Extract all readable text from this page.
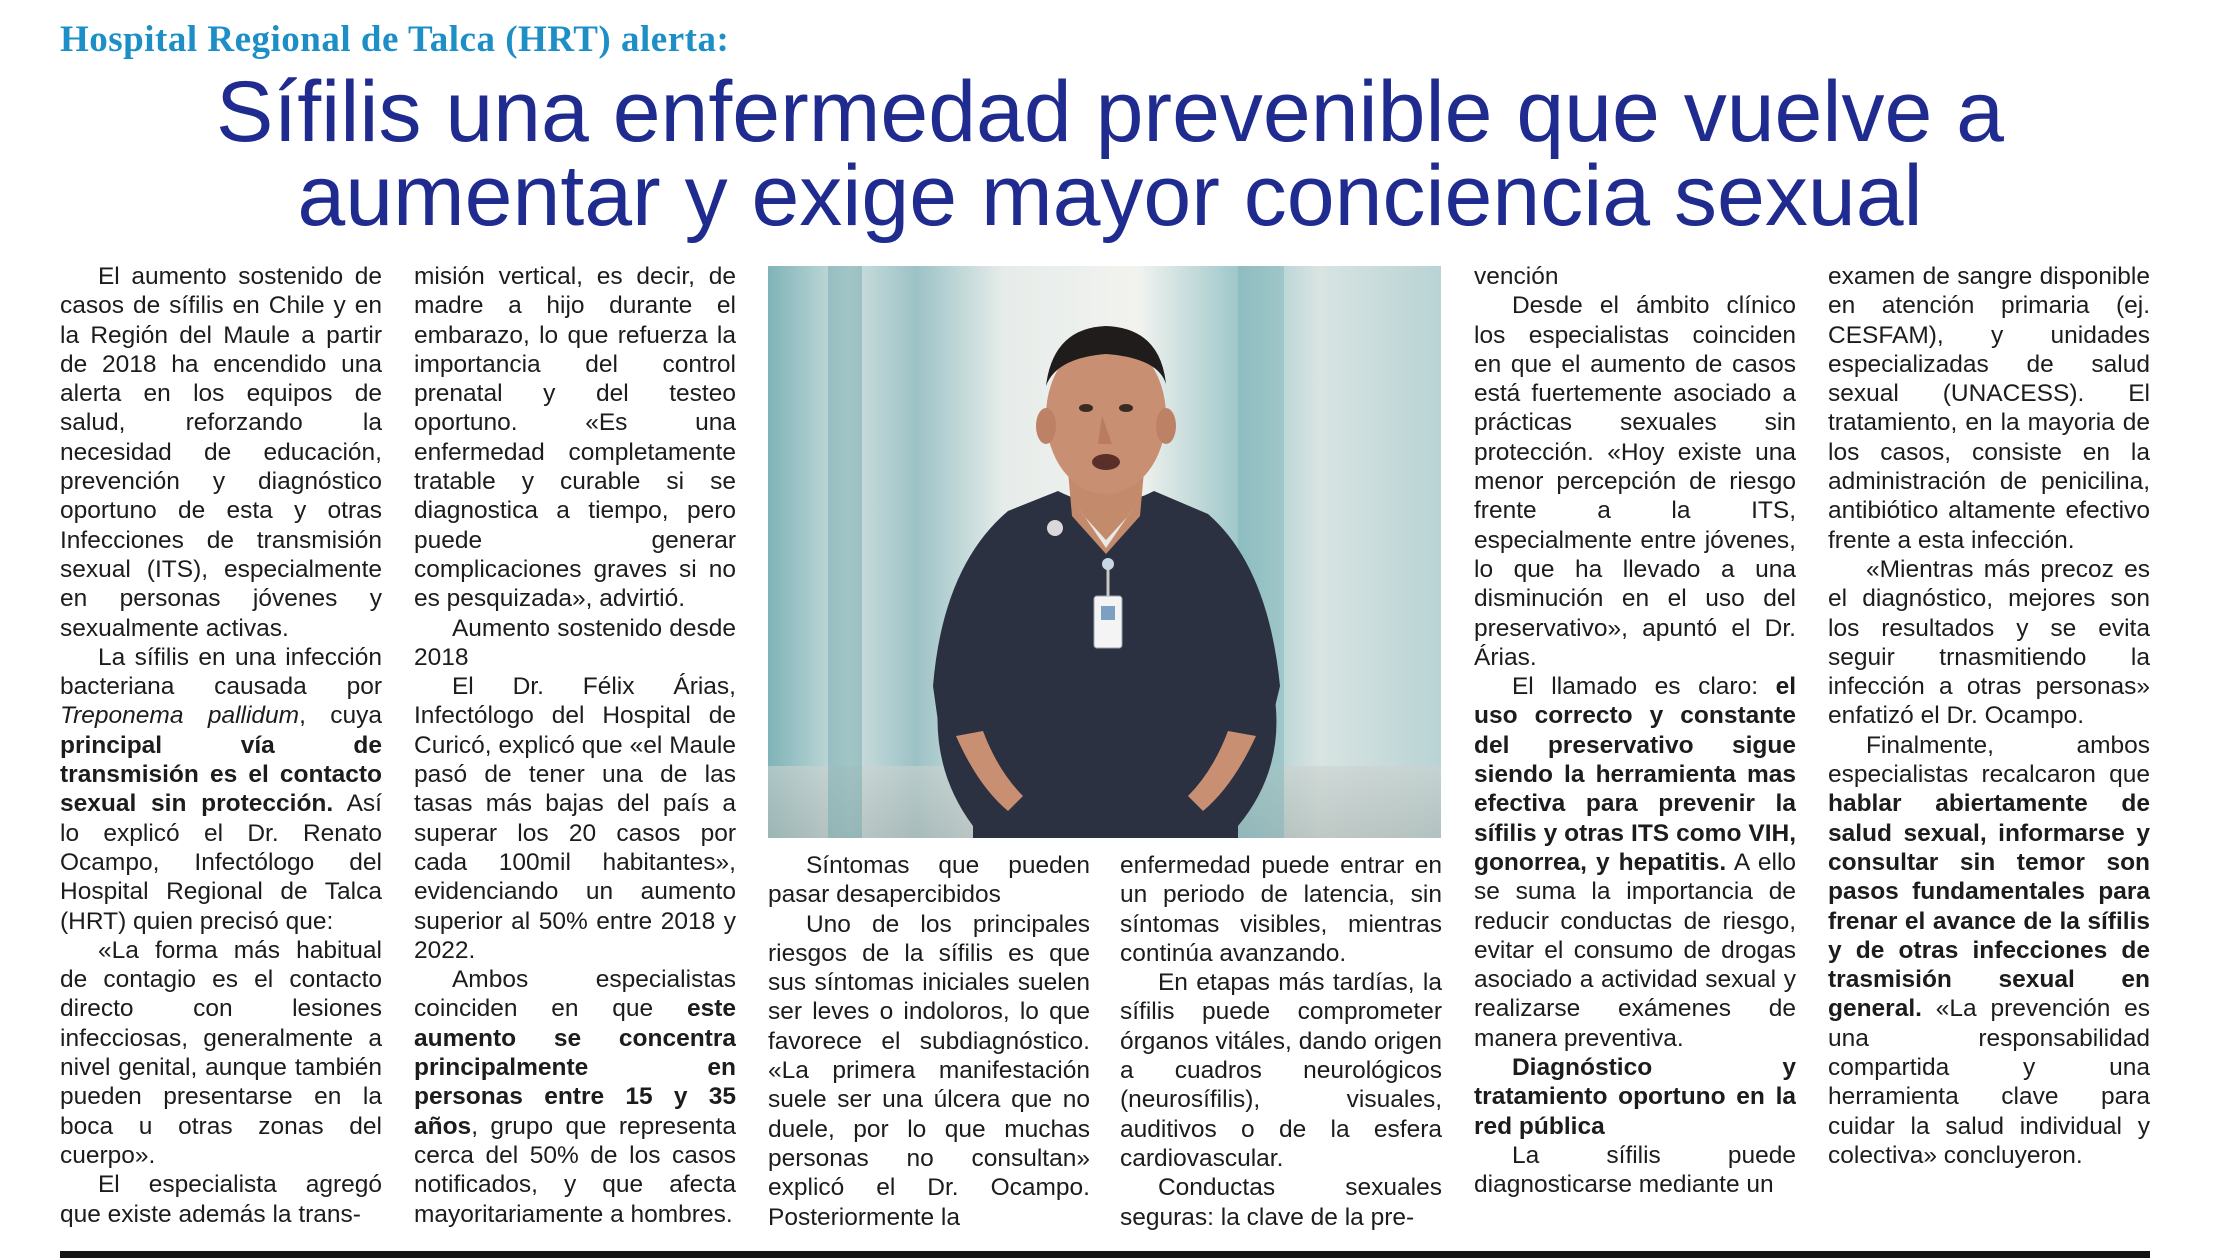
Hospital Regional de Talca (HRT) alerta:
Sífilis una enfermedad prevenible que vuelve a
aumentar y exige mayor conciencia sexual

El aumento sostenido de casos de sífilis en Chile y en la Región del Maule a partir de 2018 ha encendido una alerta en los equipos de salud, reforzando la necesidad de educación, prevención y diagnóstico oportuno de esta y otras Infecciones de transmisión sexual (ITS), especialmente en personas jóvenes y sexualmente activas.

La sífilis en una infección bacteriana causada por Treponema pallidum, cuya principal vía de transmisión es el contacto sexual sin protección. Así lo explicó el Dr. Renato Ocampo, Infectólogo del Hospital Regional de Talca (HRT) quien precisó que:

«La forma más habitual de contagio es el contacto directo con lesiones infecciosas, generalmente a nivel genital, aunque también pueden presentarse en la boca u otras zonas del cuerpo».

El especialista agregó que existe además la trans-

misión vertical, es decir, de madre a hijo durante el embarazo, lo que refuerza la importancia del control prenatal y del testeo oportuno. «Es una enfermedad completamente tratable y curable si se diagnostica a tiempo, pero puede generar complicaciones graves si no es pesquizada», advirtió.

Aumento sostenido desde 2018

El Dr. Félix Árias, Infectólogo del Hospital de Curicó, explicó que «el Maule pasó de tener una de las tasas más bajas del país a superar los 20 casos por cada 100mil habitantes», evidenciando un aumento superior al 50% entre 2018 y 2022.

Ambos especialistas coinciden en que este aumento se concentra principalmente en personas entre 15 y 35 años, grupo que representa cerca del 50% de los casos notificados, y que afecta mayoritariamente a hombres.

Síntomas que pueden pasar desapercibidos

Uno de los principales riesgos de la sífilis es que sus síntomas iniciales suelen ser leves o indoloros, lo que favorece el subdiagnóstico. «La primera manifestación suele ser una úlcera que no duele, por lo que muchas personas no consultan» explicó el Dr. Ocampo. Posteriormente la

enfermedad puede entrar en un periodo de latencia, sin síntomas visibles, mientras continúa avanzando.

En etapas más tardías, la sífilis puede comprometer órganos vitáles, dando origen a cuadros neurológicos (neurosífilis), visuales, auditivos o de la esfera cardiovascular.

Conductas sexuales seguras: la clave de la pre-

vención

Desde el ámbito clínico los especialistas coinciden en que el aumento de casos está fuertemente asociado a prácticas sexuales sin protección. «Hoy existe una menor percepción de riesgo frente a la ITS, especialmente entre jóvenes, lo que ha llevado a una disminución en el uso del preservativo», apuntó el Dr. Árias.

El llamado es claro: el uso correcto y constante del preservativo sigue siendo la herramienta mas efectiva para prevenir la sífilis y otras ITS como VIH, gonorrea, y hepatitis. A ello se suma la importancia de reducir conductas de riesgo, evitar el consumo de drogas asociado a actividad sexual y realizarse exámenes de manera preventiva.

Diagnóstico y tratamiento oportuno en la red pública

La sífilis puede diagnosticarse mediante un

examen de sangre disponible en atención primaria (ej. CESFAM), y unidades especializadas de salud sexual (UNACESS). El tratamiento, en la mayoria de los casos, consiste en la administración de penicilina, antibiótico altamente efectivo frente a esta infección.

«Mientras más precoz es el diagnóstico, mejores son los resultados y se evita seguir trnasmitiendo la infección a otras personas» enfatizó el Dr. Ocampo.

Finalmente, ambos especialistas recalcaron que hablar abiertamente de salud sexual, informarse y consultar sin temor son pasos fundamentales para frenar el avance de la sífilis y de otras infecciones de trasmisión sexual en general. «La prevención es una responsabilidad compartida y una herramienta clave para cuidar la salud individual y colectiva» concluyeron.
